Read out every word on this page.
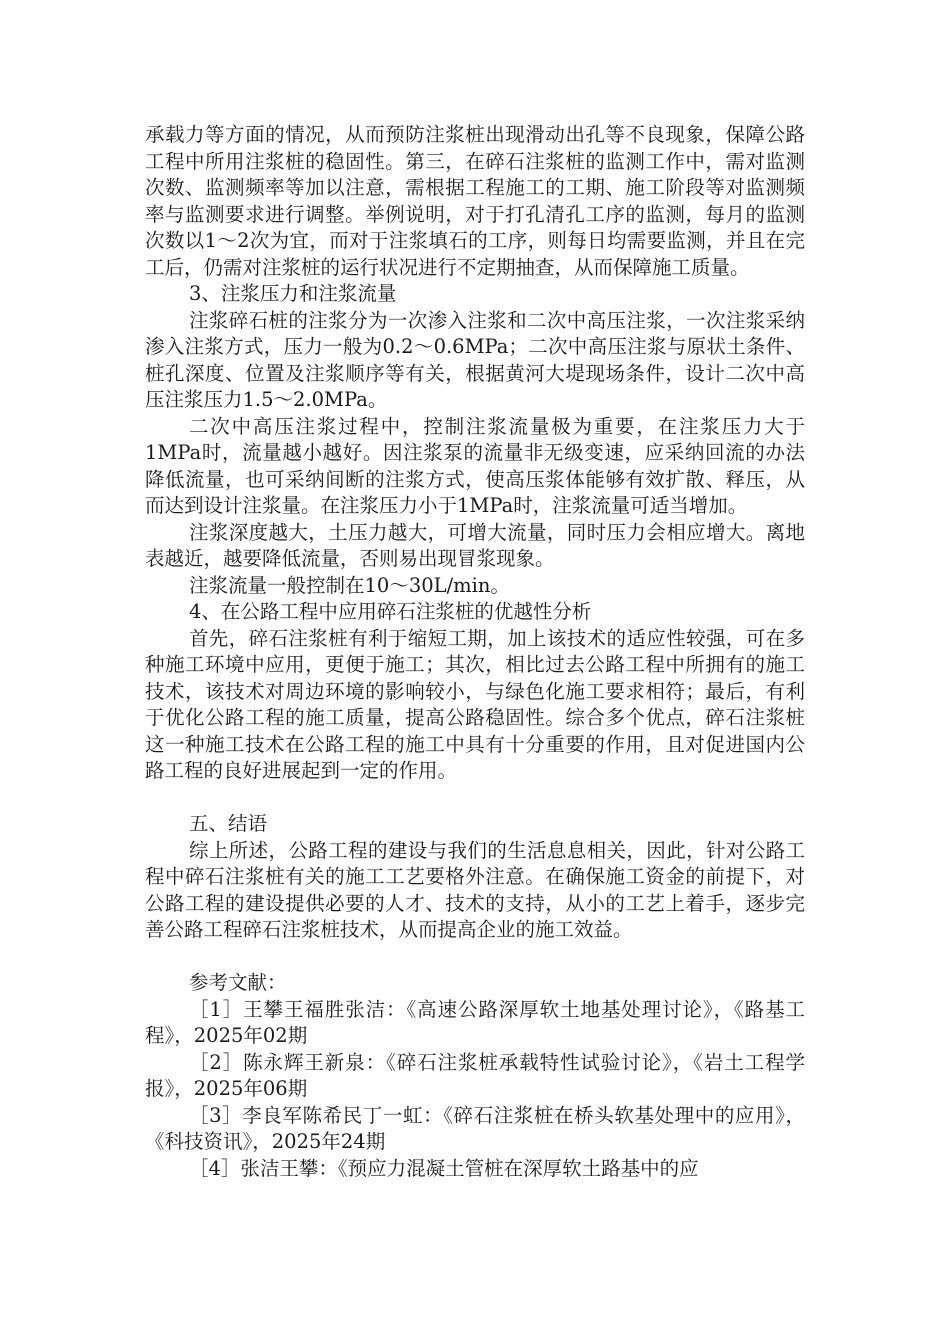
承载力等方面的情况，从而预防注浆桩出现滑动出孔等不良现象，保障公路工程中所用注浆桩的稳固性。第三，在碎石注浆桩的监测工作中，需对监测次数、监测频率等加以注意，需根据工程施工的工期、施工阶段等对监测频率与监测要求进行调整。举例说明，对于打孔清孔工序的监测，每月的监测次数以1～2次为宜，而对于注浆填石的工序，则每日均需要监测，并且在完工后，仍需对注浆桩的运行状况进行不定期抽查，从而保障施工质量。

3、注浆压力和注浆流量

注浆碎石桩的注浆分为一次渗入注浆和二次中高压注浆，一次注浆采纳渗入注浆方式，压力一般为0.2～0.6MPa；二次中高压注浆与原状土条件、桩孔深度、位置及注浆顺序等有关，根据黄河大堤现场条件，设计二次中高压注浆压力1.5～2.0MPa。

二次中高压注浆过程中，控制注浆流量极为重要，在注浆压力大于1MPa时，流量越小越好。因注浆泵的流量非无级变速，应采纳回流的办法降低流量，也可采纳间断的注浆方式，使高压浆体能够有效扩散、释压，从而达到设计注浆量。在注浆压力小于1MPa时，注浆流量可适当增加。

注浆深度越大，土压力越大，可增大流量，同时压力会相应增大。离地表越近，越要降低流量，否则易出现冒浆现象。

注浆流量一般控制在10～30L/min。

4、在公路工程中应用碎石注浆桩的优越性分析

首先，碎石注浆桩有利于缩短工期，加上该技术的适应性较强，可在多种施工环境中应用，更便于施工；其次，相比过去公路工程中所拥有的施工技术，该技术对周边环境的影响较小，与绿色化施工要求相符；最后，有利于优化公路工程的施工质量，提高公路稳固性。综合多个优点，碎石注浆桩这一种施工技术在公路工程的施工中具有十分重要的作用，且对促进国内公路工程的良好进展起到一定的作用。

五、结语

综上所述，公路工程的建设与我们的生活息息相关，因此，针对公路工程中碎石注浆桩有关的施工工艺要格外注意。在确保施工资金的前提下，对公路工程的建设提供必要的人才、技术的支持，从小的工艺上着手，逐步完善公路工程碎石注浆桩技术，从而提高企业的施工效益。

参考文献：

［1］王攀王福胜张洁：《高速公路深厚软土地基处理讨论》，《路基工程》，2025年02期

［2］陈永辉王新泉：《碎石注浆桩承载特性试验讨论》，《岩土工程学报》，2025年06期

［3］李良军陈希民丁一虹：《碎石注浆桩在桥头软基处理中的应用》，《科技资讯》，2025年24期

［4］张洁王攀：《预应力混凝土管桩在深厚软土路基中的应
